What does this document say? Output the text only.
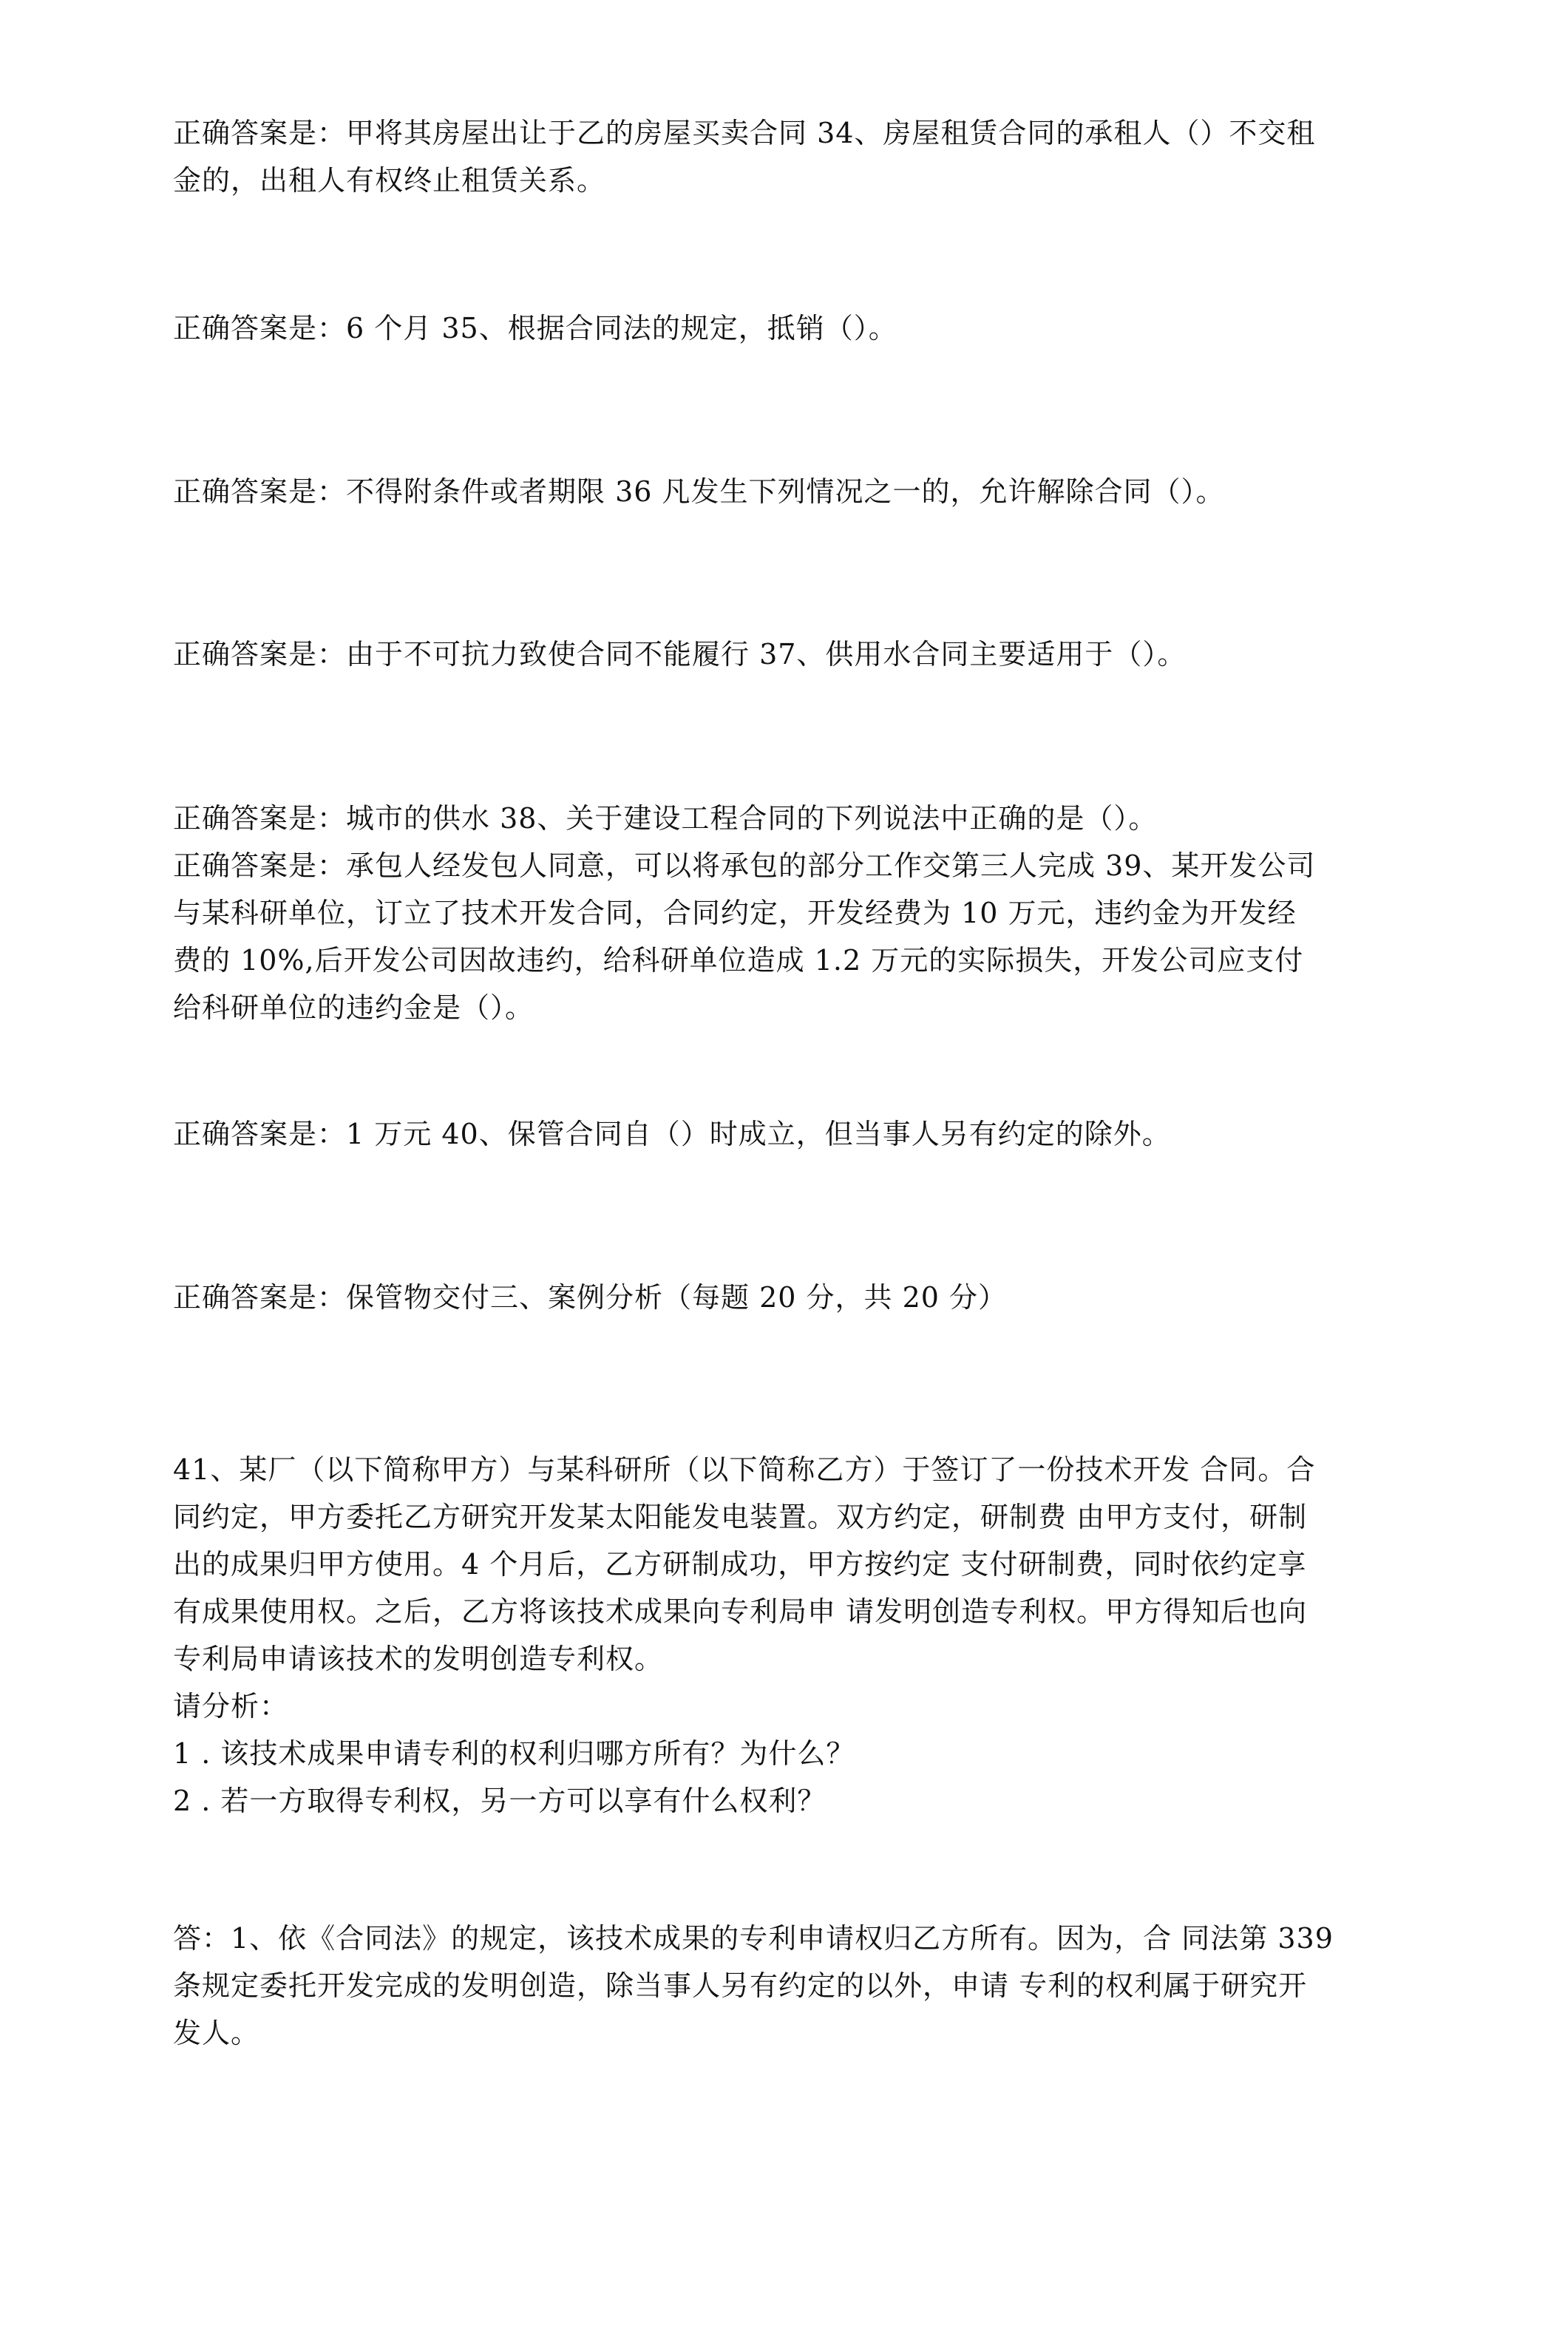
正确答案是：甲将其房屋出让于乙的房屋买卖合同 34、房屋租赁合同的承租人（）不交租
金的，出租人有权终止租赁关系。
正确答案是：6 个月 35、根据合同法的规定，抵销（）。
正确答案是：不得附条件或者期限 36 凡发生下列情况之一的，允许解除合同（）。
正确答案是：由于不可抗力致使合同不能履行 37、供用水合同主要适用于（）。
正确答案是：城市的供水 38、关于建设工程合同的下列说法中正确的是（）。
正确答案是：承包人经发包人同意，可以将承包的部分工作交第三人完成 39、某开发公司
与某科研单位，订立了技术开发合同，合同约定，开发经费为 10 万元，违约金为开发经
费的 10%,后开发公司因故违约，给科研单位造成 1.2 万元的实际损失，开发公司应支付
给科研单位的违约金是（）。
正确答案是：1 万元 40、保管合同自（）时成立，但当事人另有约定的除外。
正确答案是：保管物交付三、案例分析（每题 20 分，共 20 分）
41、某厂（以下简称甲方）与某科研所（以下简称乙方）于签订了一份技术开发 合同。合
同约定，甲方委托乙方研究开发某太阳能发电装置。双方约定，研制费 由甲方支付，研制
出的成果归甲方使用。4 个月后，乙方研制成功，甲方按约定 支付研制费，同时依约定享
有成果使用权。之后，乙方将该技术成果向专利局申 请发明创造专利权。甲方得知后也向
专利局申请该技术的发明创造专利权。
请分析：
1 . 该技术成果申请专利的权利归哪方所有？为什么？
2 . 若一方取得专利权，另一方可以享有什么权利？
答：1、依《合同法》的规定，该技术成果的专利申请权归乙方所有。因为，合 同法第 339
条规定委托开发完成的发明创造，除当事人另有约定的以外，申请 专利的权利属于研究开
发人。
